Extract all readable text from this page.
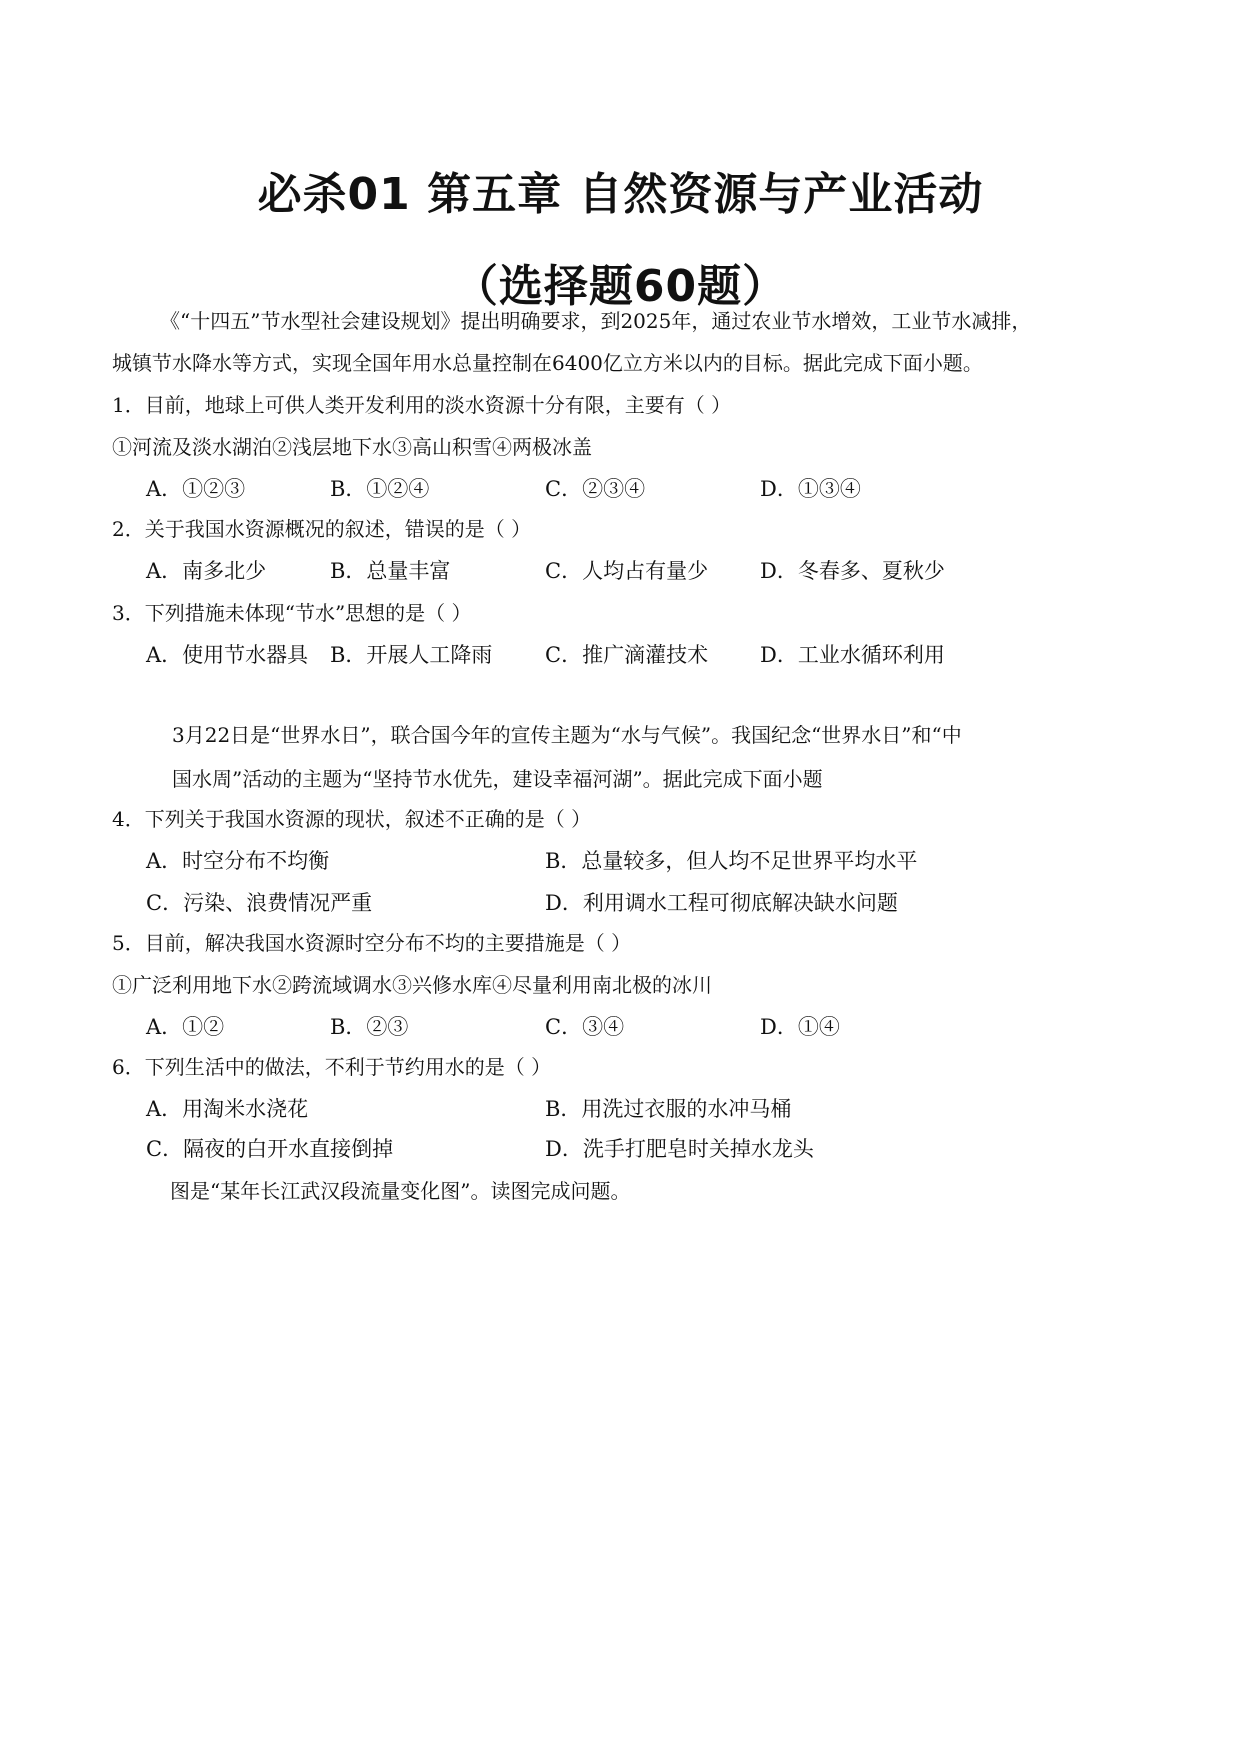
必杀01 第五章 自然资源与产业活动
（选择题60题）
《“十四五”节水型社会建设规划》提出明确要求，到2025年，通过农业节水增效，工业节水减排，
城镇节水降水等方式，实现全国年用水总量控制在6400亿立方米以内的目标。据此完成下面小题。
1．目前，地球上可供人类开发利用的淡水资源十分有限，主要有（ ）
①河流及淡水湖泊②浅层地下水③高山积雪④两极冰盖
A．①②③	B．①②④	C．②③④	D．①③④
2．关于我国水资源概况的叙述，错误的是（ ）
A．南多北少	B．总量丰富	C．人均占有量少 D．冬春多、夏秋少
3．下列措施未体现“节水”思想的是（ ）
A．使用节水器具 B．开展人工降雨	C．推广滴灌技术 D．工业水循环利用
3月22日是“世界水日”，联合国今年的宣传主题为“水与气候”。我国纪念“世界水日”和“中
国水周”活动的主题为“坚持节水优先，建设幸福河湖”。据此完成下面小题
4．下列关于我国水资源的现状，叙述不正确的是（ ）
A．时空分布不均衡	B．总量较多，但人均不足世界平均水平
C．污染、浪费情况严重	D．利用调水工程可彻底解决缺水问题
5．目前，解决我国水资源时空分布不均的主要措施是（ ）
①广泛利用地下水②跨流域调水③兴修水库④尽量利用南北极的冰川
A．①②	B．②③	C．③④	D．①④
6．下列生活中的做法，不利于节约用水的是（ ）
A．用淘米水浇花	B．用洗过衣服的水冲马桶
C．隔夜的白开水直接倒掉	D．洗手打肥皂时关掉水龙头
图是“某年长江武汉段流量变化图”。读图完成问题。
